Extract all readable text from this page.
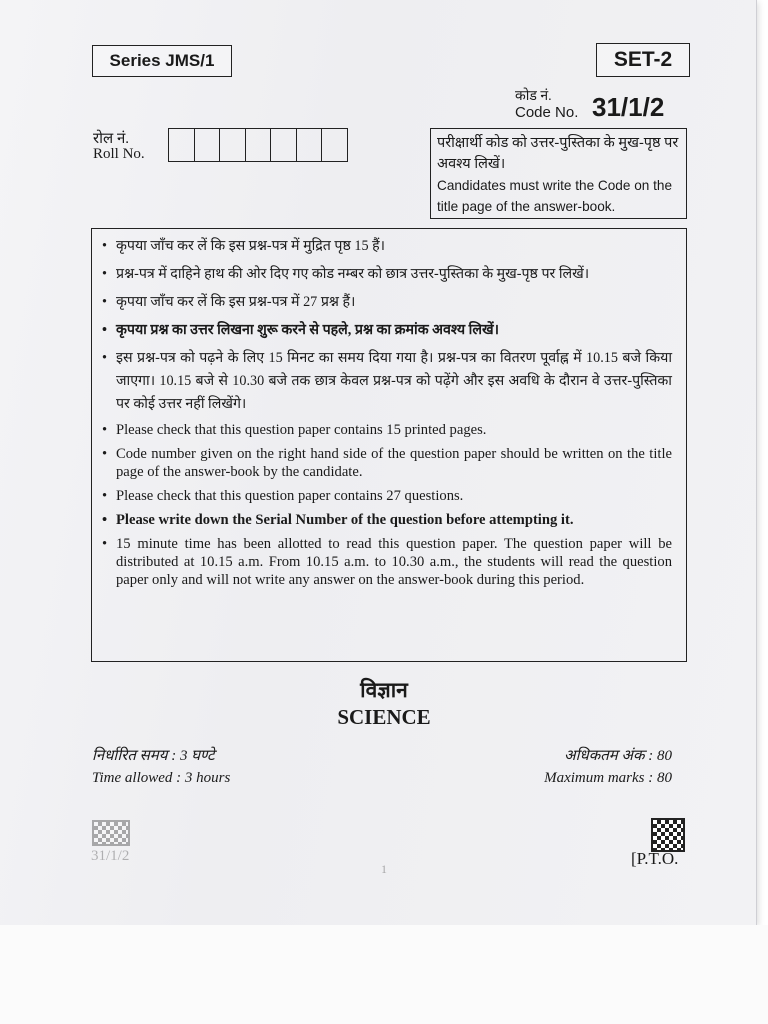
Series JMS/1	SET-2
कोड नं.
Code No. 31/1/2
रोल नं.
Roll No.
परीक्षार्थी कोड को उत्तर-पुस्तिका के मुख-पृष्ठ पर अवश्य लिखें।
Candidates must write the Code on the title page of the answer-book.
• कृपया जाँच कर लें कि इस प्रश्न-पत्र में मुद्रित पृष्ठ 15 हैं।
• प्रश्न-पत्र में दाहिने हाथ की ओर दिए गए कोड नम्बर को छात्र उत्तर-पुस्तिका के मुख-पृष्ठ पर लिखें।
• कृपया जाँच कर लें कि इस प्रश्न-पत्र में 27 प्रश्न हैं।
• कृपया प्रश्न का उत्तर लिखना शुरू करने से पहले, प्रश्न का क्रमांक अवश्य लिखें।
• इस प्रश्न-पत्र को पढ़ने के लिए 15 मिनट का समय दिया गया है। प्रश्न-पत्र का वितरण पूर्वाह्न में 10.15 बजे किया जाएगा। 10.15 बजे से 10.30 बजे तक छात्र केवल प्रश्न-पत्र को पढ़ेंगे और इस अवधि के दौरान वे उत्तर-पुस्तिका पर कोई उत्तर नहीं लिखेंगे।
• Please check that this question paper contains 15 printed pages.
• Code number given on the right hand side of the question paper should be written on the title page of the answer-book by the candidate.
• Please check that this question paper contains 27 questions.
• Please write down the Serial Number of the question before attempting it.
• 15 minute time has been allotted to read this question paper. The question paper will be distributed at 10.15 a.m. From 10.15 a.m. to 10.30 a.m., the students will read the question paper only and will not write any answer on the answer-book during this period.
विज्ञान
SCIENCE
निर्धारित समय : 3 घण्टे
Time allowed : 3 hours
अधिकतम अंक : 80
Maximum marks : 80
31/1/2
1
[P.T.O.
